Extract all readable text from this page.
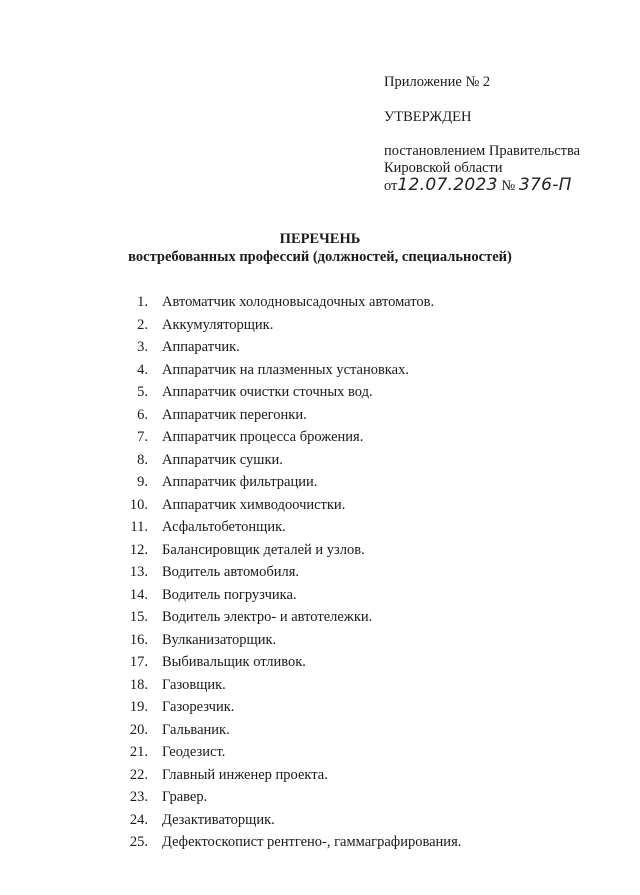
Приложение № 2
УТВЕРЖДЕН
постановлением Правительства
Кировской области
от12.07.2023 № 376-П
ПЕРЕЧЕНЬ
востребованных профессий (должностей, специальностей)
1. Автоматчик холодновысадочных автоматов.
2. Аккумуляторщик.
3. Аппаратчик.
4. Аппаратчик на плазменных установках.
5. Аппаратчик очистки сточных вод.
6. Аппаратчик перегонки.
7. Аппаратчик процесса брожения.
8. Аппаратчик сушки.
9. Аппаратчик фильтрации.
10. Аппаратчик химводоочистки.
11. Асфальтобетонщик.
12. Балансировщик деталей и узлов.
13. Водитель автомобиля.
14. Водитель погрузчика.
15. Водитель электро- и автотележки.
16. Вулканизаторщик.
17. Выбивальщик отливок.
18. Газовщик.
19. Газорезчик.
20. Гальваник.
21. Геодезист.
22. Главный инженер проекта.
23. Гравер.
24. Дезактиваторщик.
25. Дефектоскопист рентгено-, гаммаграфирования.
